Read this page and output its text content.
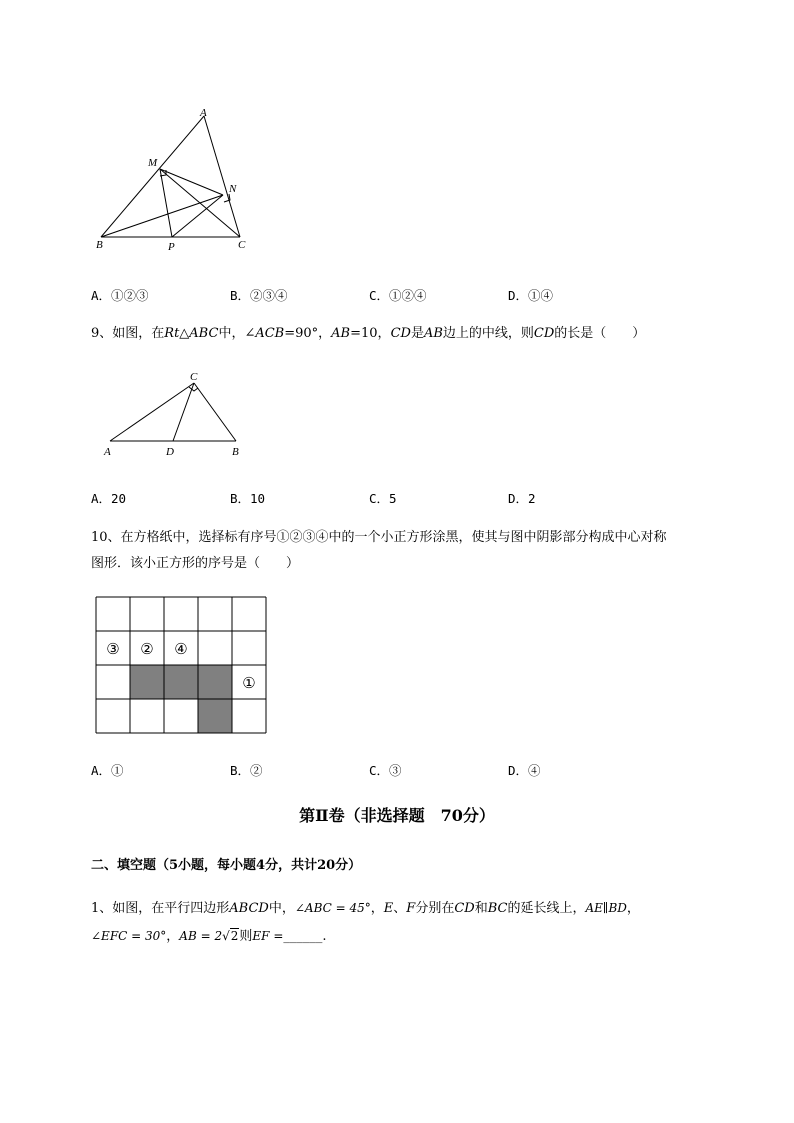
A
M
N
B	P	C
A．①②③	B．②③④	C．①②④	D．①④
9、如图，在Rt△ABC中，∠ACB=90°，AB=10，CD是AB边上的中线，则CD的长是（　　）
C
A	D	B
A．20	B．10	C．5	D．2
10、在方格纸中，选择标有序号①②③④中的一个小正方形涂黑，使其与图中阴影部分构成中心对称
图形．该小正方形的序号是（　　）
③ ② ④
①
A．①	B．②	C．③	D．④
第Ⅱ卷（非选择题　70分）
二、填空题（5小题，每小题4分，共计20分）
1、如图，在平行四边形ABCD中，∠ABC = 45°，E、F分别在CD和BC的延长线上，AE∥BD，
∠EFC = 30°，AB = 2√2则EF =______.
